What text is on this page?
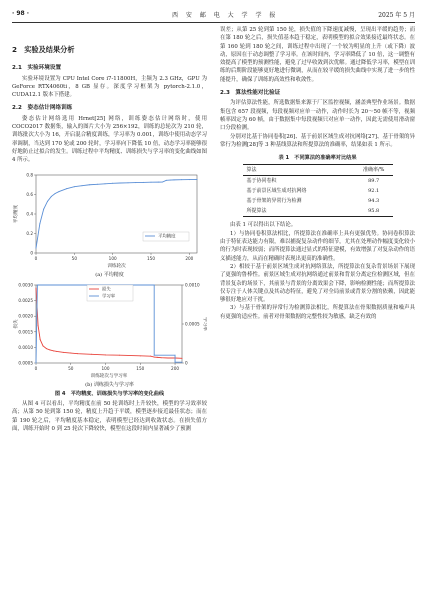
· 98 ·	西 安 邮 电 大 学 学 报	2025 年 5 月
2　实验及结果分析
2.1　实验环境设置

实验环境设置为 CPU Intel Core i7-11800H，主频为 2.3 GHz，GPU 为 GeForce RTX4060ti，8 GB 显存。深度学习框架为 pytorch-2.1.0，CUDA12.1 版本下搭建。

2.2　姿态估计网络训练

姿态估计网络选用 Hrnet[25] 网络，训练姿态估计网络时，使用 COCO2017 数据集，输入的图片大小为 256×192，训练的总轮次为 210 轮，训练批次大小为 16，开启混合精度训练，学习率为 0.001，训练中使用动态学习率调制，当达到 170 轮或 200 轮时，学习率向下降低 10 倍，动态学习率能够很好地防止过拟合的发生。训练过程中平均精度、训练损失与学习率的变化曲线如图 4 所示。

0	50	100	150	200
0
0.2
0.4
0.6
0.8
训练轮次
平均精度
平均精度
(a) 平均精度
0	50	100	150	200
0.0005
0.0010
0.0015
0.0020
0.0025
0.0030
0
0.0005
0.0010
学习率
训练轮次与学习率
损失
损失
学习率
(b) 训练损失与学习率
图 4　平均精度、训练损失与学习率的变化曲线

从图 4 可以看出，平均精度在前 50 轮训练时上升较快，模型的学习效率较高；从第 50 轮到第 150 轮，精度上升趋于平缓，模型逐步接近最佳状态；而在第 190 轮之后，平均精度基本稳定，表明模型已经达到收敛状态。在损失值方面，训练开始时 0 到 25 轮次下降较快，模型在这段时间内显著减少了预测

误差；从第 25 轮到第 150 轮，损失值的下降速度减慢，呈现出平缓的趋势；而在第 180 轮之后，损失值基本趋于稳定，表明模型的拟合效果接近最终状态。在第 160 轮到 180 轮之间，训练过程中出现了一个较为明显的上升（或下降）波动，原因在于动态调整了学习率。在该时间内，学习率降低了 10 倍，这一调整有效提高了模型的预测性能，避免了过早收敛到次优解。通过降低学习率，模型在训练的后期阶段能够更好地进行微调，从而在较平缓的损失曲线中实现了进一步的性能提升，确保了训练的高效性和收敛性。

2.3　算法性能对比验证

为评估算法性能，所选数据集来源于厂区监控视频，涵盖典型作业场景。数据集包含 657 段视频，每段视频对应单一动作，动作时长为 20～50 帧不等，视频帧率固定为 60 帧，由于数据集中每段视频只对应单一动作，因此无需使用滑动窗口分段检测。

分别对比基于协同卷积[26]、基于前景区域生成对抗网络[27]、基于骨架的异常行为检测[28]等 3 种基线算法和所提算法的准确率，结果如表 1 所示。

表 1　不同算法的准确率对比结果
算法	准确率/%
基于协同卷积	89.7
基于前景区域生成对抗网络	92.1
基于骨架的异常行为检测	94.3
所提算法	95.8

由表 1 可以得出以下结论。

1）与协同卷积算法相比，所提算法在准确率上具有更强优势。协同卷积算法由于特征表达能力有限，难以捕捉复杂动作的细节，尤其在处理动作幅度变化较小的行为时表现较弱；而所提算法通过显式的特征建模，有效增强了对复杂动作的语义描述能力，从而在精确时表现出更高的准确性。

2）相较于基于前景区域生成对抗网络算法，所提算法在复杂背景场景下展现了更强的鲁棒性。前景区域生成对抗网络通过前景和背景分离定位检测区域，但在背景复杂的场景下，其前景与背景的分离效果会下降，影响检测性能；而所提算法仅专注于人体关键点及其动态特征，避免了对全局前景或背景分割的依赖，因此能够很好地应对干扰。

3）与基于骨架的异常行为检测算法相比，所提算法在骨架数据质量和噪声具有更强的适应性。前者对骨架数据的完整性较为敏感，缺乏有效的
